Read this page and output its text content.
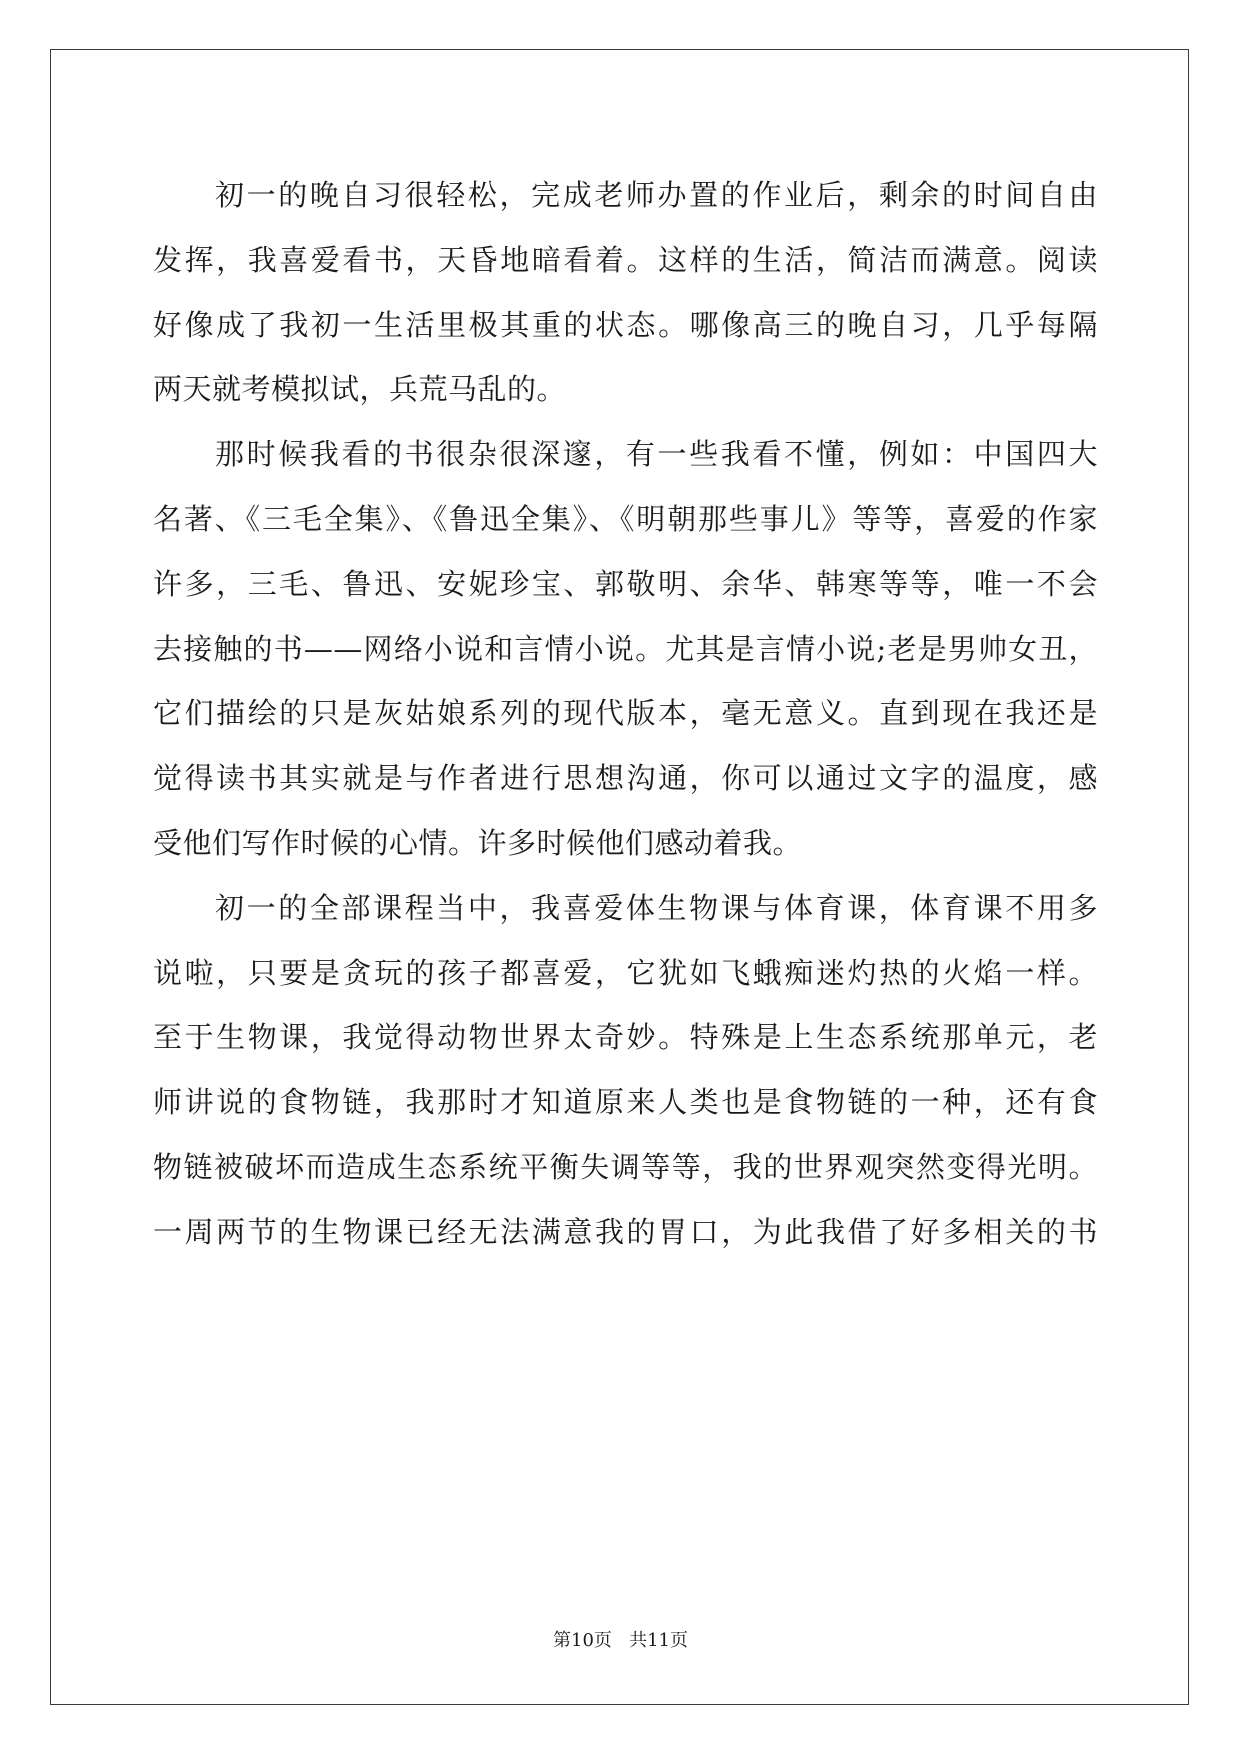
初一的晚自习很轻松，完成老师办置的作业后，剩余的时间自由
发挥，我喜爱看书，天昏地暗看着。这样的生活，简洁而满意。阅读
好像成了我初一生活里极其重的状态。哪像高三的晚自习，几乎每隔
两天就考模拟试，兵荒马乱的。
那时候我看的书很杂很深邃，有一些我看不懂，例如：中国四大
名著、《三毛全集》、《鲁迅全集》、《明朝那些事儿》等等，喜爱的作家
许多，三毛、鲁迅、安妮珍宝、郭敬明、余华、韩寒等等，唯一不会
去接触的书——网络小说和言情小说。尤其是言情小说;老是男帅女丑，
它们描绘的只是灰姑娘系列的现代版本，毫无意义。直到现在我还是
觉得读书其实就是与作者进行思想沟通，你可以通过文字的温度，感
受他们写作时候的心情。许多时候他们感动着我。
初一的全部课程当中，我喜爱体生物课与体育课，体育课不用多
说啦，只要是贪玩的孩子都喜爱，它犹如飞蛾痴迷灼热的火焰一样。
至于生物课，我觉得动物世界太奇妙。特殊是上生态系统那单元，老
师讲说的食物链，我那时才知道原来人类也是食物链的一种，还有食
物链被破坏而造成生态系统平衡失调等等，我的世界观突然变得光明。
一周两节的生物课已经无法满意我的胃口，为此我借了好多相关的书
第10页 共11页
